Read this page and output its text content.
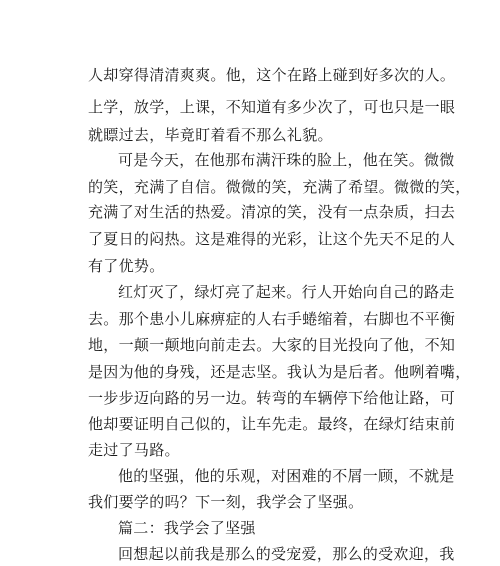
人却穿得清清爽爽。他，这个在路上碰到好多次的人。
上学，放学，上课，不知道有多少次了，可也只是一眼
就瞟过去，毕竟盯着看不那么礼貌。
可是今天，在他那布满汗珠的脸上，他在笑。微微
的笑，充满了自信。微微的笑，充满了希望。微微的笑，
充满了对生活的热爱。清凉的笑，没有一点杂质，扫去
了夏日的闷热。这是难得的光彩，让这个先天不足的人
有了优势。
红灯灭了，绿灯亮了起来。行人开始向自己的路走
去。那个患小儿麻痹症的人右手蜷缩着，右脚也不平衡
地，一颠一颠地向前走去。大家的目光投向了他，不知
是因为他的身残，还是志坚。我认为是后者。他咧着嘴，
一步步迈向路的另一边。转弯的车辆停下给他让路，可
他却要证明自己似的，让车先走。最终，在绿灯结束前
走过了马路。
他的坚强，他的乐观，对困难的不屑一顾，不就是
我们要学的吗？下一刻，我学会了坚强。
篇二：我学会了坚强
回想起以前我是那么的受宠爱，那么的受欢迎，我
